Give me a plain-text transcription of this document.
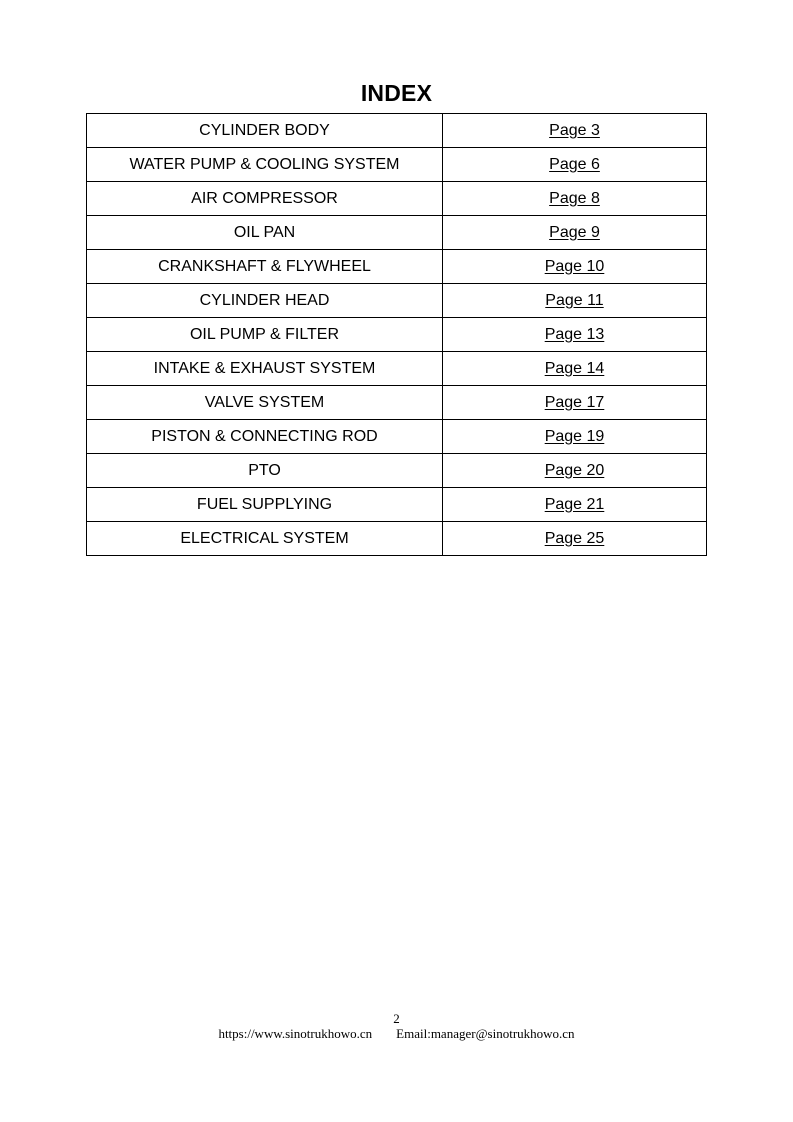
INDEX
CYLINDER BODY	Page 3
WATER PUMP & COOLING SYSTEM	Page 6
AIR COMPRESSOR	Page 8
OIL PAN	Page 9
CRANKSHAFT & FLYWHEEL	Page 10
CYLINDER HEAD	Page 11
OIL PUMP & FILTER	Page 13
INTAKE & EXHAUST SYSTEM	Page 14
VALVE SYSTEM	Page 17
PISTON & CONNECTING ROD	Page 19
PTO	Page 20
FUEL SUPPLYING	Page 21
ELECTRICAL SYSTEM	Page 25
2
https://www.sinotrukhowo.cn Email:manager@sinotrukhowo.cn
